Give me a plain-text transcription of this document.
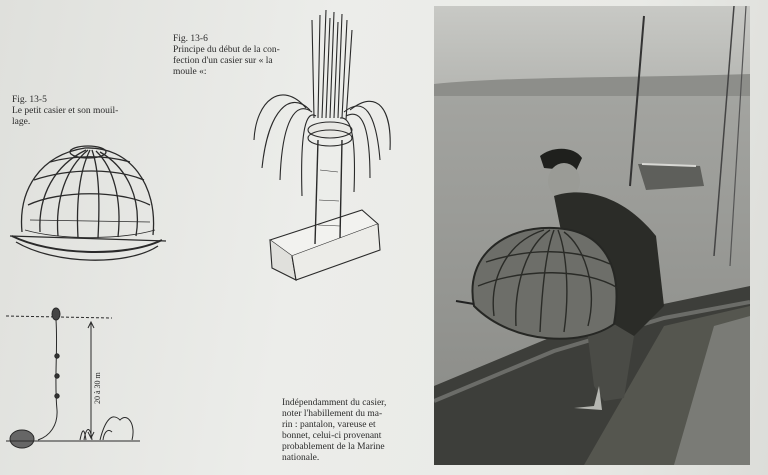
Fig. 13-5
Le petit casier et son mouil-
lage.
20 à 30 m
Fig. 13-6
Principe du début de la con-
fection d'un casier sur « la
moule «:
Indépendamment du casier,
noter l'habillement du ma-
rin : pantalon, vareuse et
bonnet, celui-ci provenant
probablement de la Marine
nationale.
